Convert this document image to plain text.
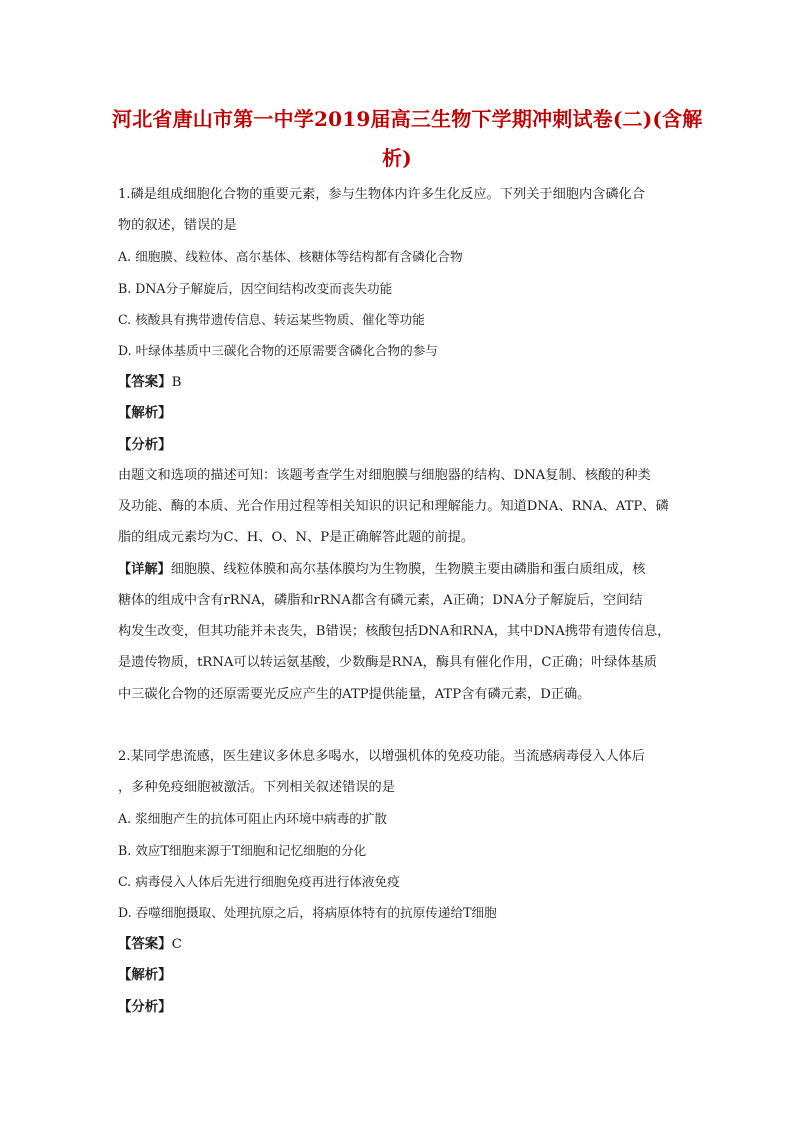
河北省唐山市第一中学2019届高三生物下学期冲刺试卷(二)(含解
析)
1.磷是组成细胞化合物的重要元素，参与生物体内许多生化反应。下列关于细胞内含磷化合
物的叙述，错误的是
A. 细胞膜、线粒体、高尔基体、核糖体等结构都有含磷化合物
B. DNA分子解旋后，因空间结构改变而丧失功能
C. 核酸具有携带遗传信息、转运某些物质、催化等功能
D. 叶绿体基质中三碳化合物的还原需要含磷化合物的参与
【答案】B
【解析】
【分析】
由题文和选项的描述可知：该题考查学生对细胞膜与细胞器的结构、DNA复制、核酸的种类
及功能、酶的本质、光合作用过程等相关知识的识记和理解能力。知道DNA、RNA、ATP、磷
脂的组成元素均为C、H、O、N、P是正确解答此题的前提。
【详解】细胞膜、线粒体膜和高尔基体膜均为生物膜，生物膜主要由磷脂和蛋白质组成，核
糖体的组成中含有rRNA，磷脂和rRNA都含有磷元素，A正确；DNA分子解旋后，空间结
构发生改变，但其功能并未丧失，B错误；核酸包括DNA和RNA，其中DNA携带有遗传信息，
是遗传物质，tRNA可以转运氨基酸，少数酶是RNA，酶具有催化作用，C正确；叶绿体基质
中三碳化合物的还原需要光反应产生的ATP提供能量，ATP含有磷元素，D正确。
2.某同学患流感，医生建议多休息多喝水，以增强机体的免疫功能。当流感病毒侵入人体后
，多种免疫细胞被激活。下列相关叙述错误的是
A. 浆细胞产生的抗体可阻止内环境中病毒的扩散
B. 效应T细胞来源于T细胞和记忆细胞的分化
C. 病毒侵入人体后先进行细胞免疫再进行体液免疫
D. 吞噬细胞摄取、处理抗原之后，将病原体特有的抗原传递给T细胞
【答案】C
【解析】
【分析】
